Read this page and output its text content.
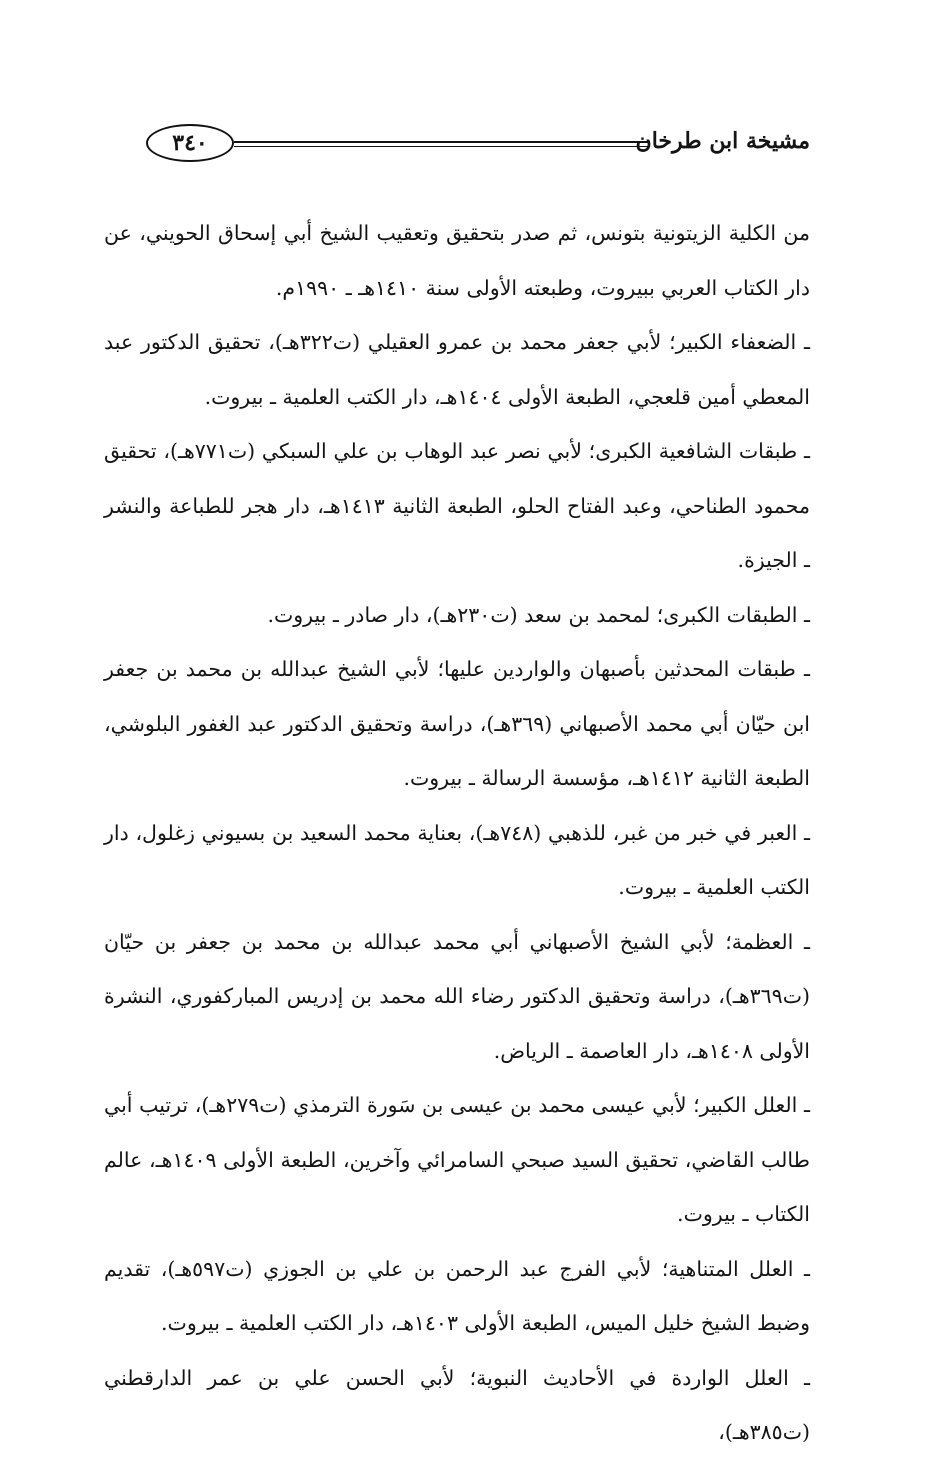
مشيخة ابن طرخان
٣٤٠

من الكلية الزيتونية بتونس، ثم صدر بتحقيق وتعقيب الشيخ أبي إسحاق الحويني، عن دار الكتاب العربي ببيروت، وطبعته الأولى سنة ١٤١٠هـ ـ ١٩٩٠م.

ـ الضعفاء الكبير؛ لأبي جعفر محمد بن عمرو العقيلي (ت٣٢٢هـ)، تحقيق الدكتور عبد المعطي أمين قلعجي، الطبعة الأولى ١٤٠٤هـ، دار الكتب العلمية ـ بيروت.

ـ طبقات الشافعية الكبرى؛ لأبي نصر عبد الوهاب بن علي السبكي (ت٧٧١هـ)، تحقيق محمود الطناحي، وعبد الفتاح الحلو، الطبعة الثانية ١٤١٣هـ، دار هجر للطباعة والنشر ـ الجيزة.

ـ الطبقات الكبرى؛ لمحمد بن سعد (ت٢٣٠هـ)، دار صادر ـ بيروت.

ـ طبقات المحدثين بأصبهان والواردين عليها؛ لأبي الشيخ عبدالله بن محمد بن جعفر ابن حيّان أبي محمد الأصبهاني (٣٦٩هـ)، دراسة وتحقيق الدكتور عبد الغفور البلوشي، الطبعة الثانية ١٤١٢هـ، مؤسسة الرسالة ـ بيروت.

ـ العبر في خبر من غبر، للذهبي (٧٤٨هـ)، بعناية محمد السعيد بن بسيوني زغلول، دار الكتب العلمية ـ بيروت.

ـ العظمة؛ لأبي الشيخ الأصبهاني أبي محمد عبدالله بن محمد بن جعفر بن حيّان (ت٣٦٩هـ)، دراسة وتحقيق الدكتور رضاء الله محمد بن إدريس المباركفوري، النشرة الأولى ١٤٠٨هـ، دار العاصمة ـ الرياض.

ـ العلل الكبير؛ لأبي عيسى محمد بن عيسى بن سَورة الترمذي (ت٢٧٩هـ)، ترتيب أبي طالب القاضي، تحقيق السيد صبحي السامرائي وآخرين، الطبعة الأولى ١٤٠٩هـ، عالم الكتاب ـ بيروت.

ـ العلل المتناهية؛ لأبي الفرج عبد الرحمن بن علي بن الجوزي (ت٥٩٧هـ)، تقديم وضبط الشيخ خليل الميس، الطبعة الأولى ١٤٠٣هـ، دار الكتب العلمية ـ بيروت.

ـ العلل الواردة في الأحاديث النبوية؛ لأبي الحسن علي بن عمر الدارقطني (ت٣٨٥هـ)،
